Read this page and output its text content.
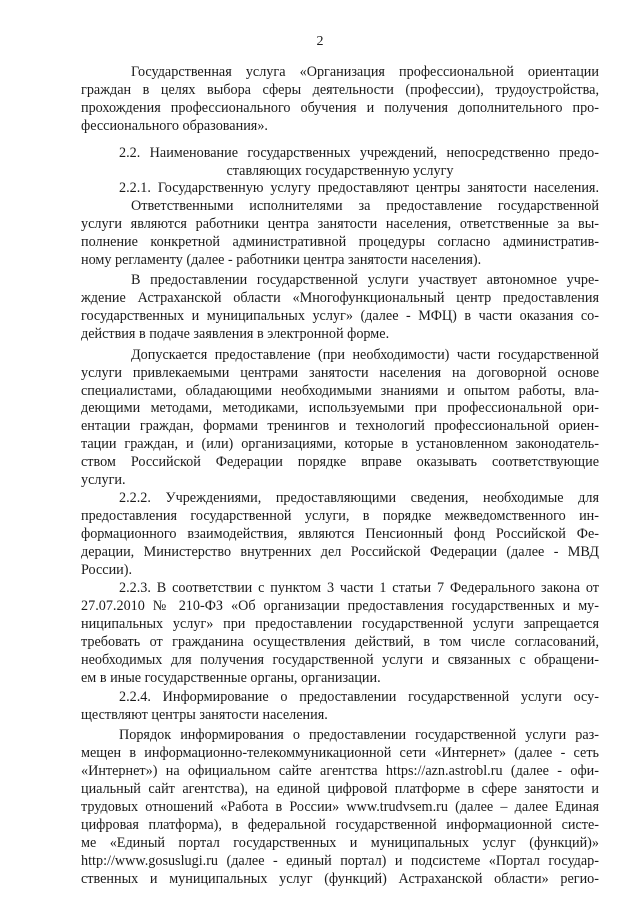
2
Государственная услуга «Организация профессиональной ориентации
граждан в целях выбора сферы деятельности (профессии), трудоустройства,
прохождения профессионального обучения и получения дополнительного про-
фессионального образования».
2.2. Наименование государственных учреждений, непосредственно предо-
ставляющих государственную услугу
2.2.1. Государственную услугу предоставляют центры занятости населения.
Ответственными исполнителями за предоставление государственной
услуги являются работники центра занятости населения, ответственные за вы-
полнение конкретной административной процедуры согласно административ-
ному регламенту (далее - работники центра занятости населения).
В предоставлении государственной услуги участвует автономное учре-
ждение Астраханской области «Многофункциональный центр предоставления
государственных и муниципальных услуг» (далее - МФЦ) в части оказания со-
действия в подаче заявления в электронной форме.
Допускается предоставление (при необходимости) части государственной
услуги привлекаемыми центрами занятости населения на договорной основе
специалистами, обладающими необходимыми знаниями и опытом работы, вла-
деющими методами, методиками, используемыми при профессиональной ори-
ентации граждан, формами тренингов и технологий профессиональной ориен-
тации граждан, и (или) организациями, которые в установленном законодатель-
ством Российской Федерации порядке вправе оказывать соответствующие
услуги.
2.2.2. Учреждениями, предоставляющими сведения, необходимые для
предоставления государственной услуги, в порядке межведомственного ин-
формационного взаимодействия, являются Пенсионный фонд Российской Фе-
дерации, Министерство внутренних дел Российской Федерации (далее - МВД
России).
2.2.3. В соответствии с пунктом 3 части 1 статьи 7 Федерального закона от
27.07.2010 № 210-ФЗ «Об организации предоставления государственных и му-
ниципальных услуг» при предоставлении государственной услуги запрещается
требовать от гражданина осуществления действий, в том числе согласований,
необходимых для получения государственной услуги и связанных с обращени-
ем в иные государственные органы, организации.
2.2.4. Информирование о предоставлении государственной услуги осу-
ществляют центры занятости населения.
Порядок информирования о предоставлении государственной услуги раз-
мещен в информационно-телекоммуникационной сети «Интернет» (далее - сеть
«Интернет») на официальном сайте агентства https://azn.astrobl.ru (далее - офи-
циальный сайт агентства), на единой цифровой платформе в сфере занятости и
трудовых отношений «Работа в России» www.trudvsem.ru (далее – далее Единая
цифровая платформа), в федеральной государственной информационной систе-
ме «Единый портал государственных и муниципальных услуг (функций)»
http://www.gosuslugi.ru (далее - единый портал) и подсистеме «Портал государ-
ственных и муниципальных услуг (функций) Астраханской области» регио-
